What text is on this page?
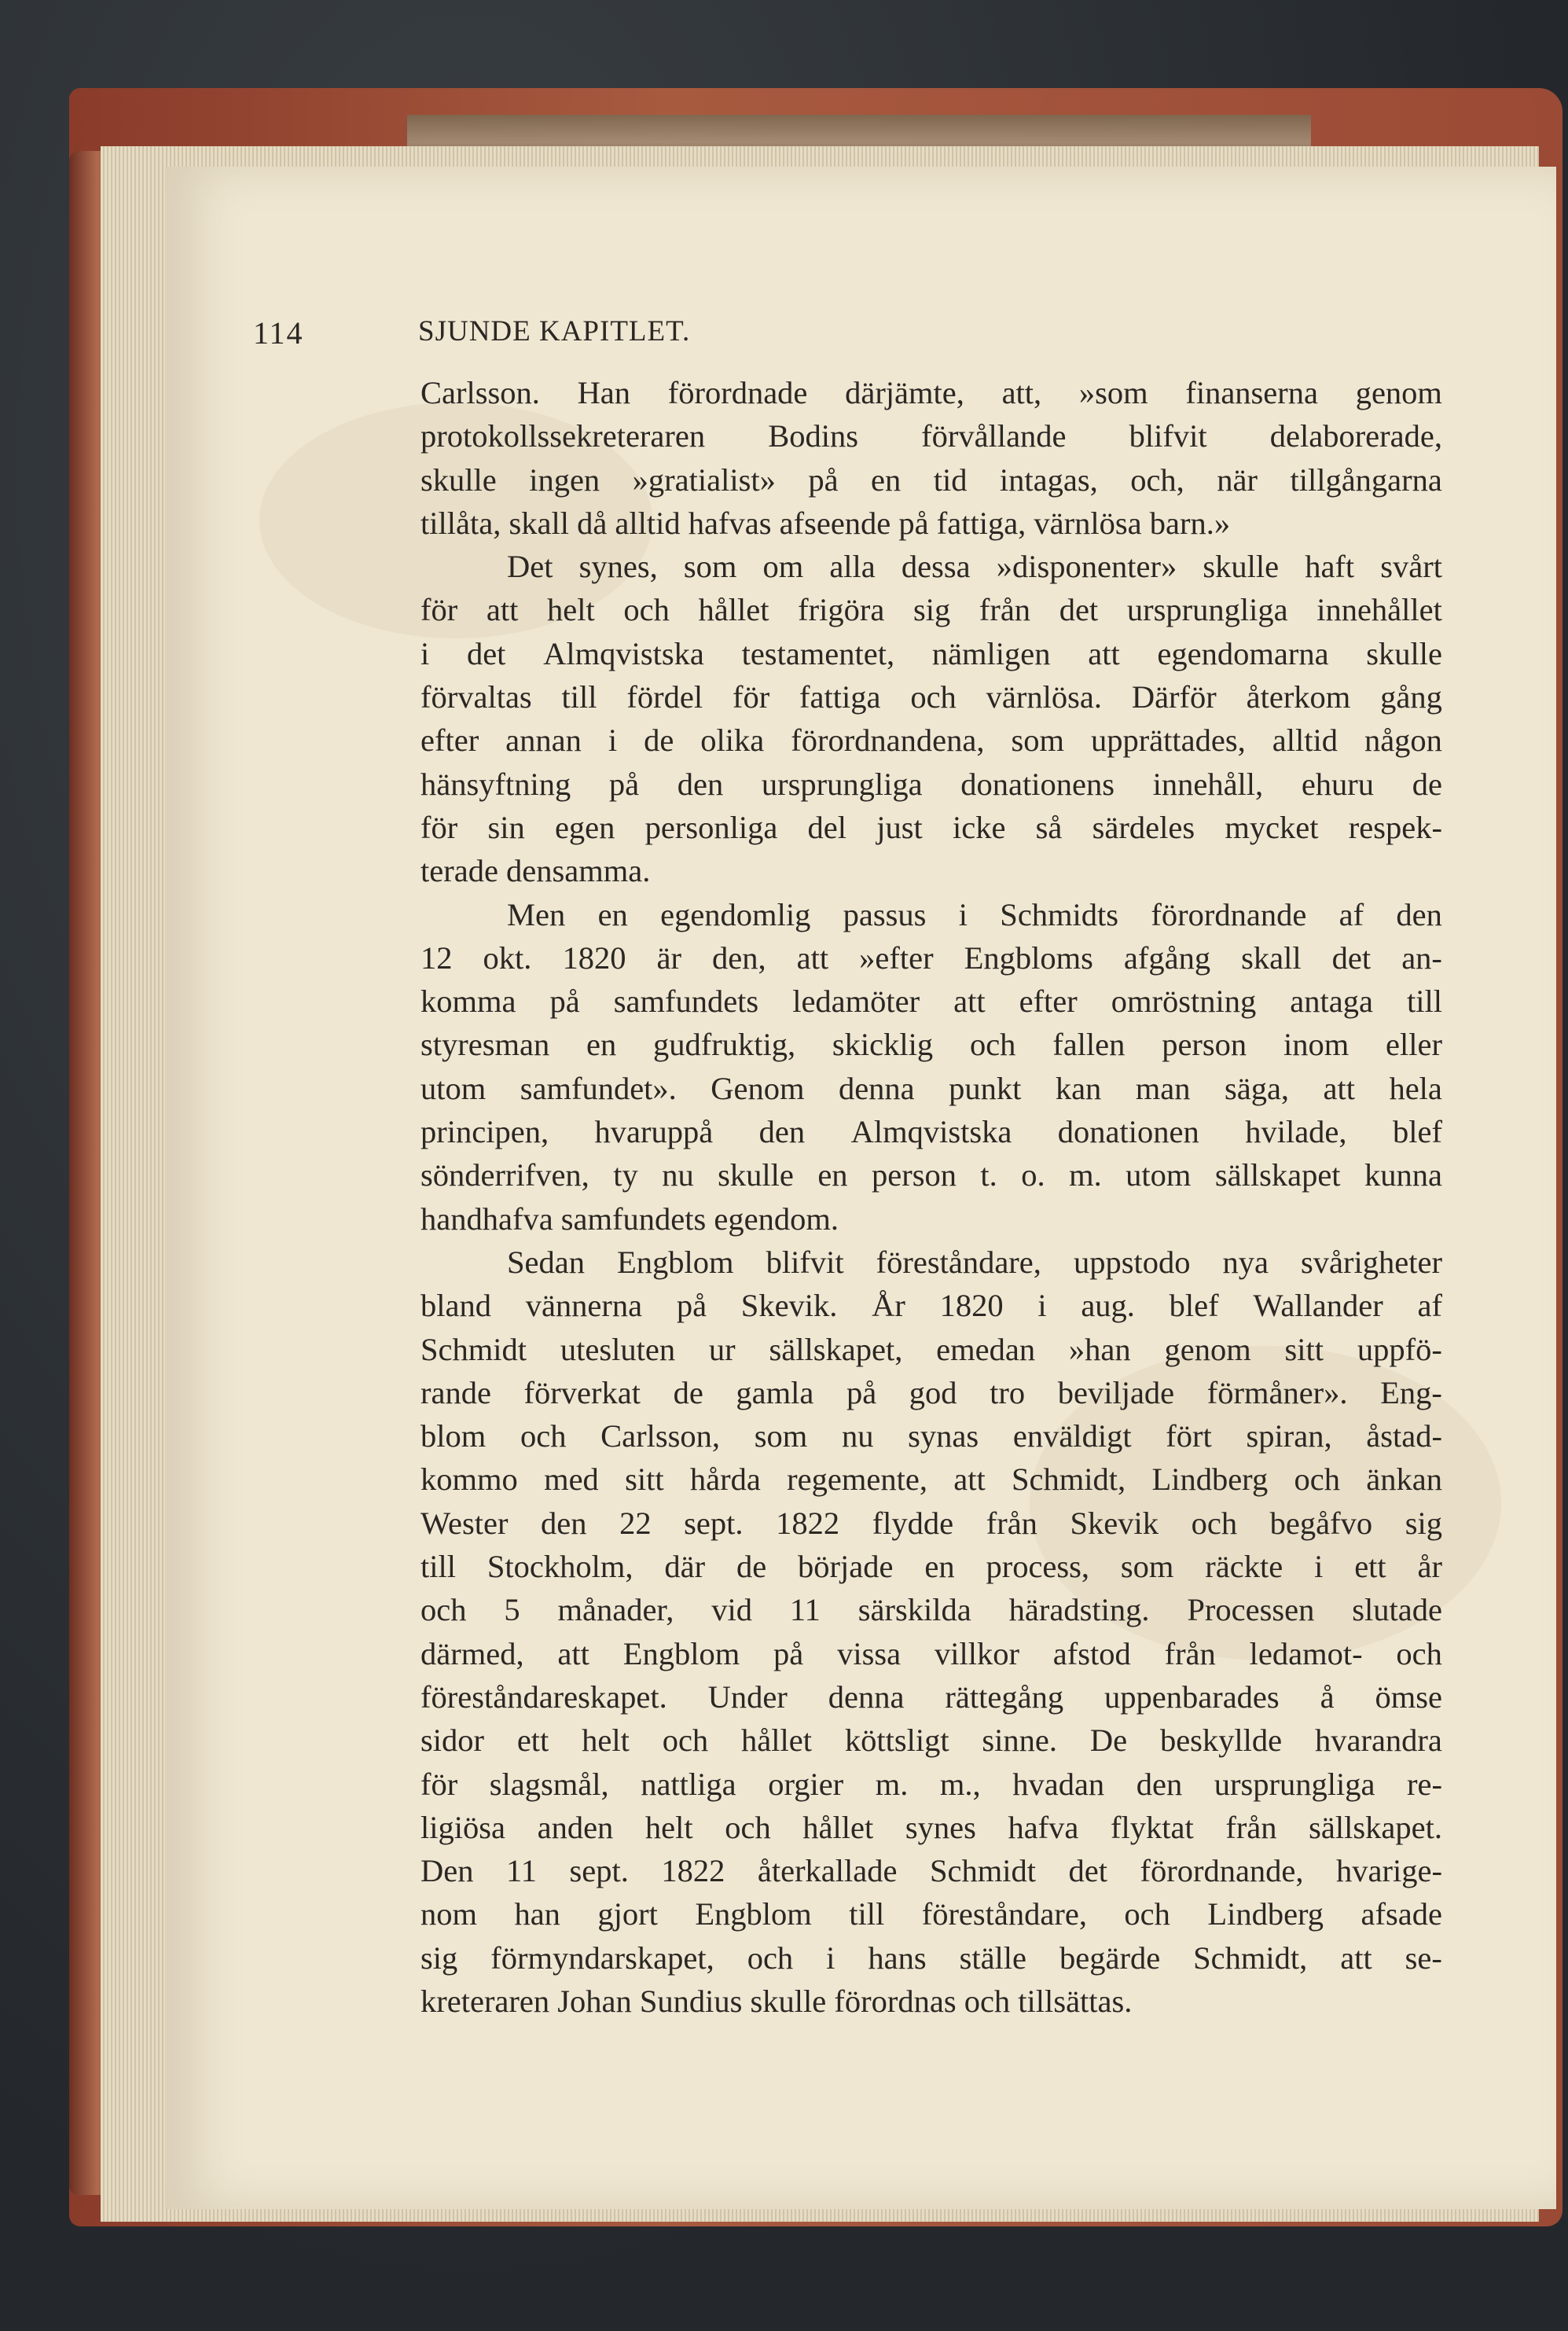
114	SJUNDE KAPITLET.
Carlsson. Han förordnade därjämte, att, »som finanserna genom
protokollssekreteraren Bodins förvållande blifvit delaborerade,
skulle ingen »gratialist» på en tid intagas, och, när tillgångarna
tillåta, skall då alltid hafvas afseende på fattiga, värnlösa barn.»
Det synes, som om alla dessa »disponenter» skulle haft svårt
för att helt och hållet frigöra sig från det ursprungliga innehållet
i det Almqvistska testamentet, nämligen att egendomarna skulle
förvaltas till fördel för fattiga och värnlösa. Därför återkom gång
efter annan i de olika förordnandena, som upprättades, alltid någon
hänsyftning på den ursprungliga donationens innehåll, ehuru de
för sin egen personliga del just icke så särdeles mycket respek-
terade densamma.
Men en egendomlig passus i Schmidts förordnande af den
12 okt. 1820 är den, att »efter Engbloms afgång skall det an-
komma på samfundets ledamöter att efter omröstning antaga till
styresman en gudfruktig, skicklig och fallen person inom eller
utom samfundet». Genom denna punkt kan man säga, att hela
principen, hvaruppå den Almqvistska donationen hvilade, blef
sönderrifven, ty nu skulle en person t. o. m. utom sällskapet kunna
handhafva samfundets egendom.
Sedan Engblom blifvit föreståndare, uppstodo nya svårigheter
bland vännerna på Skevik. År 1820 i aug. blef Wallander af
Schmidt utesluten ur sällskapet, emedan »han genom sitt uppfö-
rande förverkat de gamla på god tro beviljade förmåner». Eng-
blom och Carlsson, som nu synas enväldigt fört spiran, åstad-
kommo med sitt hårda regemente, att Schmidt, Lindberg och änkan
Wester den 22 sept. 1822 flydde från Skevik och begåfvo sig
till Stockholm, där de började en process, som räckte i ett år
och 5 månader, vid 11 särskilda häradsting. Processen slutade
därmed, att Engblom på vissa villkor afstod från ledamot- och
föreståndareskapet. Under denna rättegång uppenbarades å ömse
sidor ett helt och hållet köttsligt sinne. De beskyllde hvarandra
för slagsmål, nattliga orgier m. m., hvadan den ursprungliga re-
ligiösa anden helt och hållet synes hafva flyktat från sällskapet.
Den 11 sept. 1822 återkallade Schmidt det förordnande, hvarige-
nom han gjort Engblom till föreståndare, och Lindberg afsade
sig förmyndarskapet, och i hans ställe begärde Schmidt, att se-
kreteraren Johan Sundius skulle förordnas och tillsättas.
